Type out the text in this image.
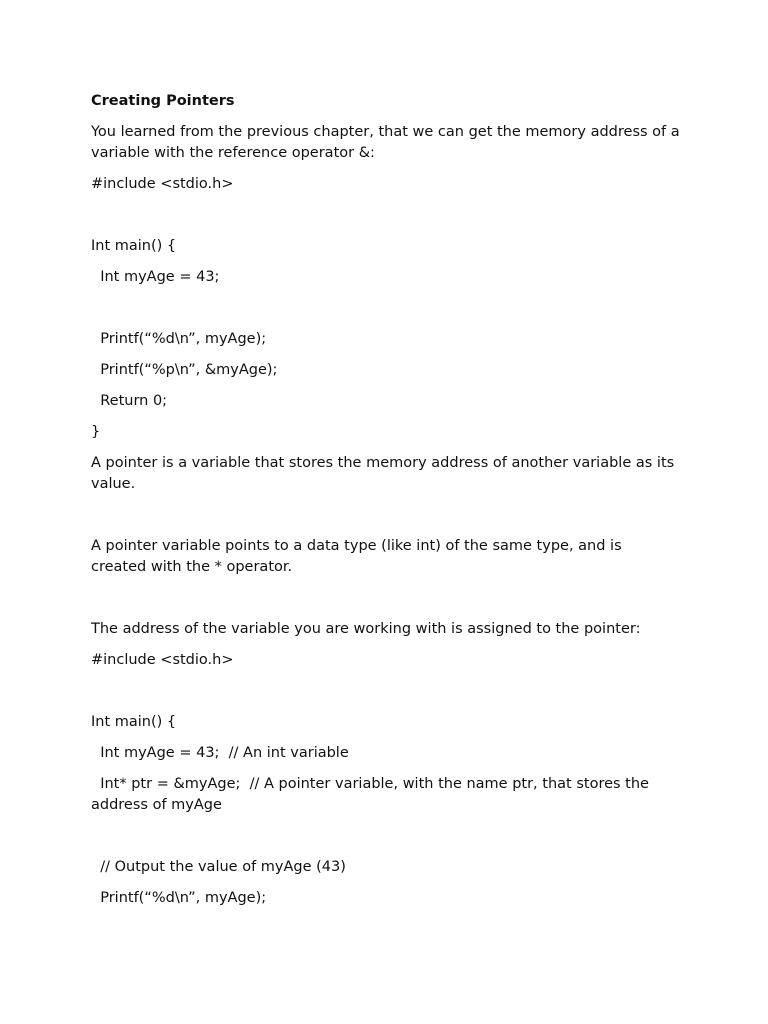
Creating Pointers

You learned from the previous chapter, that we can get the memory address of a variable with the reference operator &:

#include <stdio.h>

Int main() {

Int myAge = 43;

Printf(“%d\n”, myAge);

Printf(“%p\n”, &myAge);

Return 0;

}

A pointer is a variable that stores the memory address of another variable as its value.

A pointer variable points to a data type (like int) of the same type, and is created with the * operator.

The address of the variable you are working with is assigned to the pointer:

#include <stdio.h>

Int main() {

Int myAge = 43;  // An int variable

Int* ptr = &myAge;  // A pointer variable, with the name ptr, that stores the address of myAge

// Output the value of myAge (43)

Printf(“%d\n”, myAge);
